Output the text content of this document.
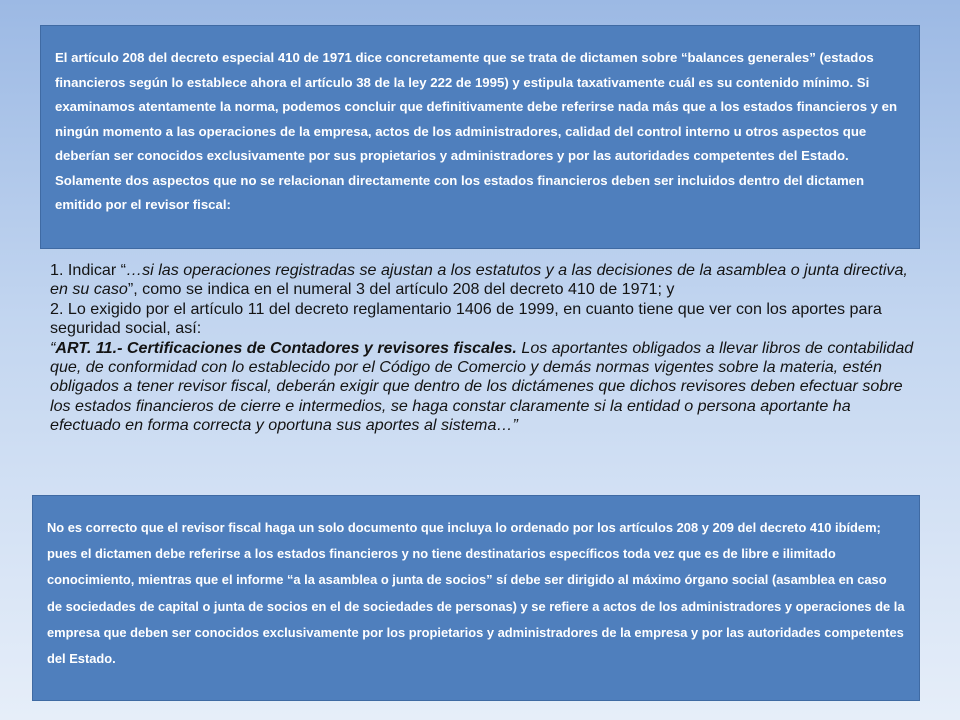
El artículo 208 del decreto especial 410 de 1971 dice concretamente que se trata de dictamen sobre “balances generales” (estados financieros según lo establece ahora el artículo 38 de la ley 222 de 1995) y estipula taxativamente cuál es su contenido mínimo. Si examinamos atentamente la norma, podemos concluir que definitivamente debe referirse nada más que a los estados financieros y en ningún momento a las operaciones de la empresa, actos de los administradores, calidad del control interno u otros aspectos que deberían ser conocidos exclusivamente por sus propietarios y administradores y por las autoridades competentes del Estado.

Solamente dos aspectos que no se relacionan directamente con los estados financieros deben ser incluidos dentro del dictamen emitido por el revisor fiscal:

1. Indicar “…si las operaciones registradas se ajustan a los estatutos y a las decisiones de la asamblea o junta directiva, en su caso”, como se indica en el numeral 3 del artículo 208 del decreto 410 de 1971; y

2. Lo exigido por el artículo 11 del decreto reglamentario 1406 de 1999, en cuanto tiene que ver con los aportes para seguridad social, así:

“ART. 11.- Certificaciones de Contadores y revisores fiscales. Los aportantes obligados a llevar libros de contabilidad que, de conformidad con lo establecido por el Código de Comercio y demás normas vigentes sobre la materia, estén obligados a tener revisor fiscal, deberán exigir que dentro de los dictámenes que dichos revisores deben efectuar sobre los estados financieros de cierre e intermedios, se haga constar claramente si la entidad o persona aportante ha efectuado en forma correcta y oportuna sus aportes al sistema…”

No es correcto que el revisor fiscal haga un solo documento que incluya lo ordenado por los artículos 208 y 209 del decreto 410 ibídem; pues el dictamen debe referirse a los estados financieros y no tiene destinatarios específicos toda vez que es de libre e ilimitado conocimiento, mientras que el informe “a la asamblea o junta de socios” sí debe ser dirigido al máximo órgano social (asamblea en caso de sociedades de capital o junta de socios en el de sociedades de personas) y se refiere a actos de los administradores y operaciones de la empresa que deben ser conocidos exclusivamente por los propietarios y administradores de la empresa y por las autoridades competentes del Estado.
